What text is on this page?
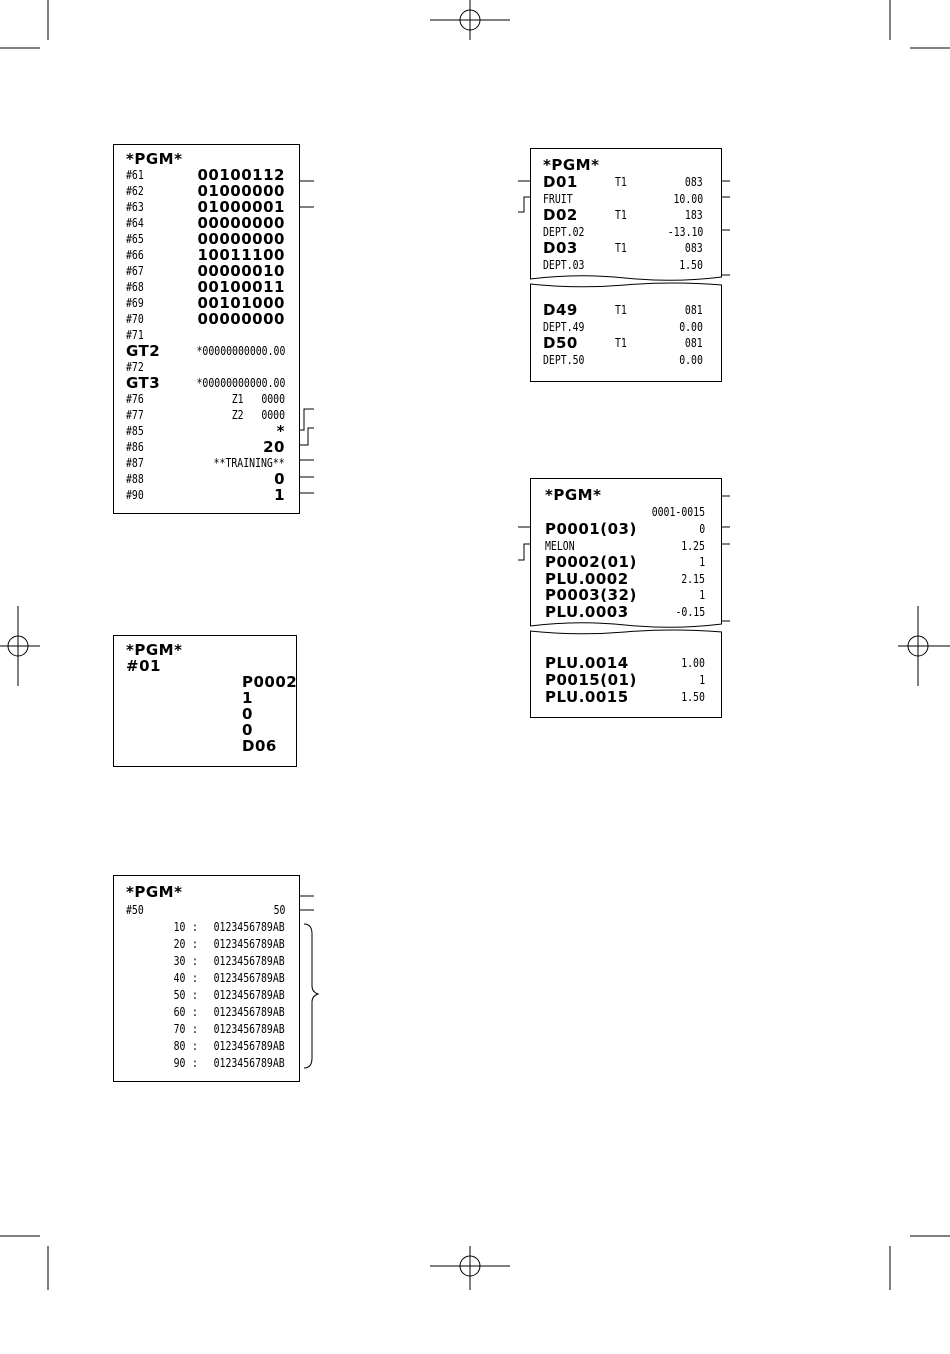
*PGM*
#61	00100112
#62	01000000
#63	01000001
#64	00000000
#65	00000000
#66	10011100
#67	00000010
#68	00100011
#69	00101000
#70	00000000
#71
GT2	*00000000000.00
#72
GT3	*00000000000.00
#76	Z1   0000
#77	Z2   0000
#85	*
#86	20
#87	**TRAINING**
#88	0
#90	1
*PGM*
#01
P0002
1
0
0
D06
*PGM*
#50	50
10 : 0123456789AB
20 : 0123456789AB
30 : 0123456789AB
40 : 0123456789AB
50 : 0123456789AB
60 : 0123456789AB
70 : 0123456789AB
80 : 0123456789AB
90 : 0123456789AB
*PGM*
D01	T1	083
FRUIT	10.00
D02	T1	183
DEPT.02	-13.10
D03	T1	083
DEPT.03	1.50
D49	T1	081
DEPT.49	0.00
D50	T1	081
DEPT.50	0.00
*PGM*
0001-0015
P0001(03)	0
MELON	1.25
P0002(01)	1
PLU.0002	2.15
P0003(32)	1
PLU.0003	-0.15
PLU.0014	1.00
P0015(01)	1
PLU.0015	1.50
